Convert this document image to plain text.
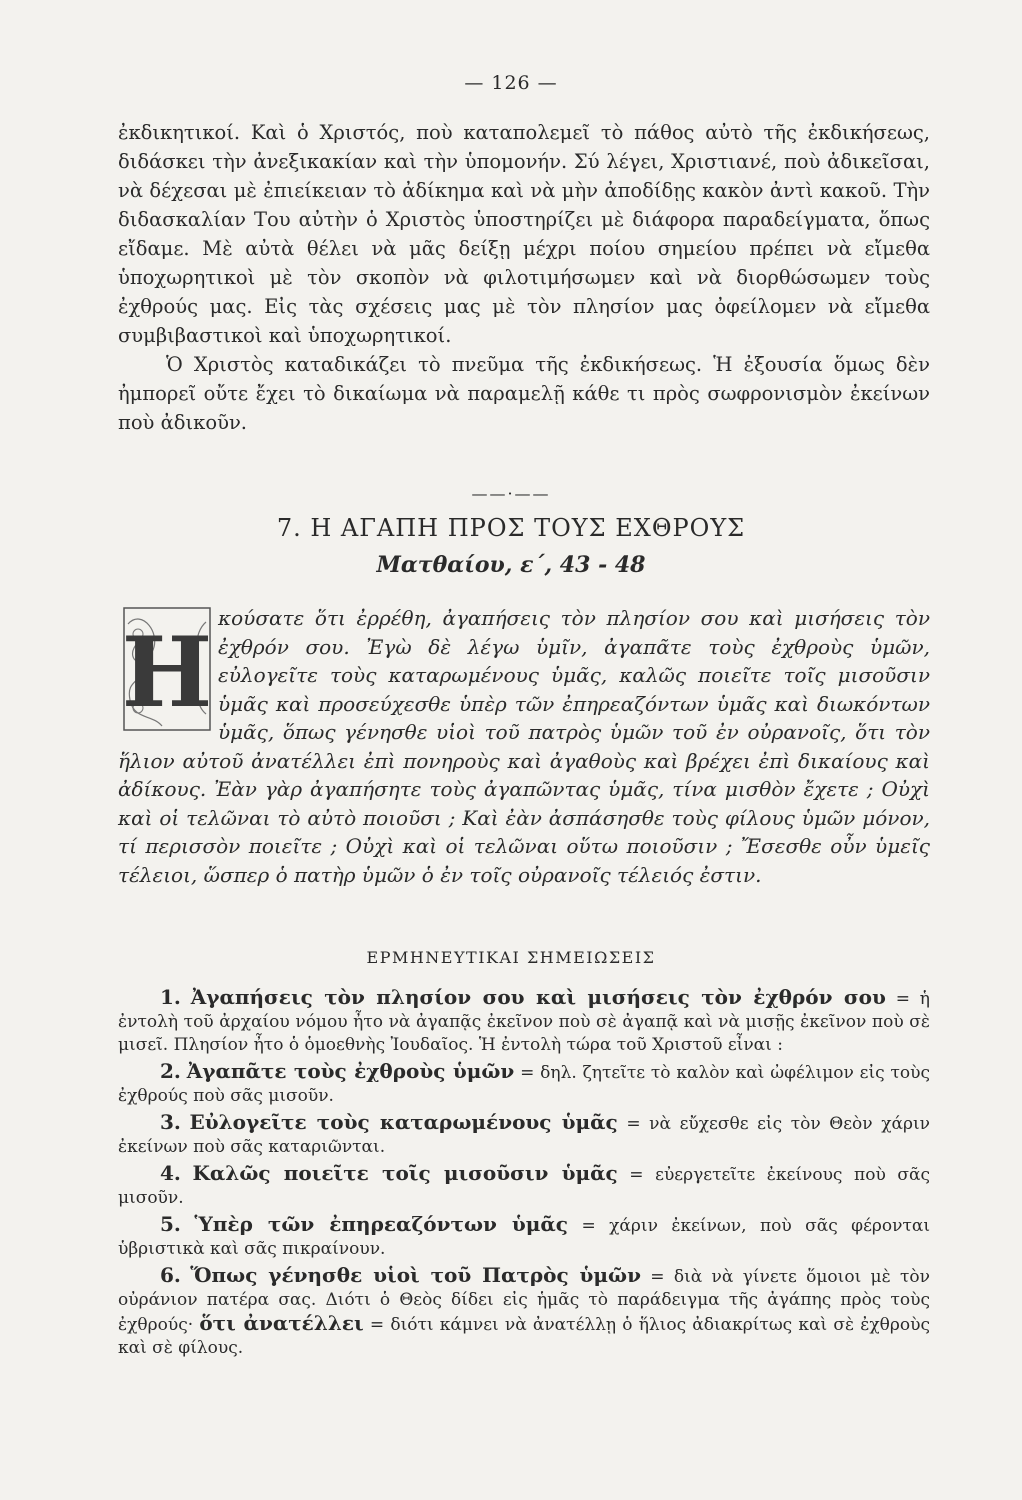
— 126 —

ἐκδικητικοί. Καὶ ὁ Χριστός, ποὺ καταπολεμεῖ τὸ πάθος αὐτὸ τῆς ἐκδικήσεως, διδάσκει τὴν ἀνεξικακίαν καὶ τὴν ὑπομονήν. Σύ λέγει, Χριστιανέ, ποὺ ἀδικεῖσαι, νὰ δέχεσαι μὲ ἐπιείκειαν τὸ ἀδίκημα καὶ νὰ μὴν ἀποδίδῃς κακὸν ἀντὶ κακοῦ. Τὴν διδασκαλίαν Του αὐτὴν ὁ Χριστὸς ὑποστηρίζει μὲ διάφορα παραδείγματα, ὅπως εἴδαμε. Μὲ αὐτὰ θέλει νὰ μᾶς δείξῃ μέχρι ποίου σημείου πρέπει νὰ εἴμεθα ὑποχωρητικοὶ μὲ τὸν σκοπὸν νὰ φιλοτιμήσωμεν καὶ νὰ διορθώσωμεν τοὺς ἐχθρούς μας. Εἰς τὰς σχέσεις μας μὲ τὸν πλησίον μας ὀφείλομεν νὰ εἴμεθα συμβιβαστικοὶ καὶ ὑποχωρητικοί.

Ὁ Χριστὸς καταδικάζει τὸ πνεῦμα τῆς ἐκδικήσεως. Ἡ ἐξουσία ὅμως δὲν ἠμπορεῖ οὔτε ἔχει τὸ δικαίωμα νὰ παραμελῇ κάθε τι πρὸς σωφρονισμὸν ἐκείνων ποὺ ἀδικοῦν.

——·——
7. Η ΑΓΑΠΗ ΠΡΟΣ ΤΟΥΣ ΕΧΘΡΟΥΣ
Ματθαίου, ε΄, 43 - 48

κούσατε ὅτι ἐρρέθη, ἀγαπήσεις τὸν πλησίον σου καὶ μισήσεις τὸν ἐχθρόν σου. Ἐγὼ δὲ λέγω ὑμῖν, ἀγαπᾶτε τοὺς ἐχθροὺς ὑμῶν, εὐλογεῖτε τοὺς καταρωμένους ὑμᾶς, καλῶς ποιεῖτε τοῖς μισοῦσιν ὑμᾶς καὶ προσεύχεσθε ὑπὲρ τῶν ἐπηρεαζόντων ὑμᾶς καὶ διωκόντων ὑμᾶς, ὅπως γένησθε υἱοὶ τοῦ πατρὸς ὑμῶν τοῦ ἐν οὐρανοῖς, ὅτι τὸν ἥλιον αὐτοῦ ἀνατέλλει ἐπὶ πονηροὺς καὶ ἀγαθοὺς καὶ βρέχει ἐπὶ δικαίους καὶ ἀδίκους. Ἐὰν γὰρ ἀγαπήσητε τοὺς ἀγαπῶντας ὑμᾶς, τίνα μισθὸν ἔχετε ; Οὐχὶ καὶ οἱ τελῶναι τὸ αὐτὸ ποιοῦσι ; Καὶ ἐὰν ἀσπάσησθε τοὺς φίλους ὑμῶν μόνον, τί περισσὸν ποιεῖτε ; Οὐχὶ καὶ οἱ τελῶναι οὕτω ποιοῦσιν ; Ἔσεσθε οὖν ὑμεῖς τέλειοι, ὥσπερ ὁ πατὴρ ὑμῶν ὁ ἐν τοῖς οὐρανοῖς τέλειός ἐστιν.

Η
ΕΡΜΗΝΕΥΤΙΚΑΙ ΣΗΜΕΙΩΣΕΙΣ

1. Ἀγαπήσεις τὸν πλησίον σου καὶ μισήσεις τὸν ἐχθρόν σου = ἡ ἐντολὴ τοῦ ἀρχαίου νόμου ἦτο νὰ ἀγαπᾷς ἐκεῖνον ποὺ σὲ ἀγαπᾷ καὶ νὰ μισῇς ἐκεῖνον ποὺ σὲ μισεῖ. Πλησίον ἦτο ὁ ὁμοεθνὴς Ἰουδαῖος. Ἡ ἐντολὴ τώρα τοῦ Χριστοῦ εἶναι :

2. Ἀγαπᾶτε τοὺς ἐχθροὺς ὑμῶν = δηλ. ζητεῖτε τὸ καλὸν καὶ ὠφέλιμον εἰς τοὺς ἐχθρούς ποὺ σᾶς μισοῦν.

3. Εὐλογεῖτε τοὺς καταρωμένους ὑμᾶς = νὰ εὔχεσθε εἰς τὸν Θεὸν χάριν ἐκείνων ποὺ σᾶς καταριῶνται.

4. Καλῶς ποιεῖτε τοῖς μισοῦσιν ὑμᾶς = εὐεργετεῖτε ἐκείνους ποὺ σᾶς μισοῦν.

5. Ὑπὲρ τῶν ἐπηρεαζόντων ὑμᾶς = χάριν ἐκείνων, ποὺ σᾶς φέρονται ὑβριστικὰ καὶ σᾶς πικραίνουν.

6. Ὅπως γένησθε υἱοὶ τοῦ Πατρὸς ὑμῶν = διὰ νὰ γίνετε ὅμοιοι μὲ τὸν οὐράνιον πατέρα σας. Διότι ὁ Θεὸς δίδει εἰς ἡμᾶς τὸ παράδειγμα τῆς ἀγάπης πρὸς τοὺς ἐχθρούς· ὅτι ἀνατέλλει = διότι κάμνει νὰ ἀνατέλλῃ ὁ ἥλιος ἀδιακρίτως καὶ σὲ ἐχθροὺς καὶ σὲ φίλους.
